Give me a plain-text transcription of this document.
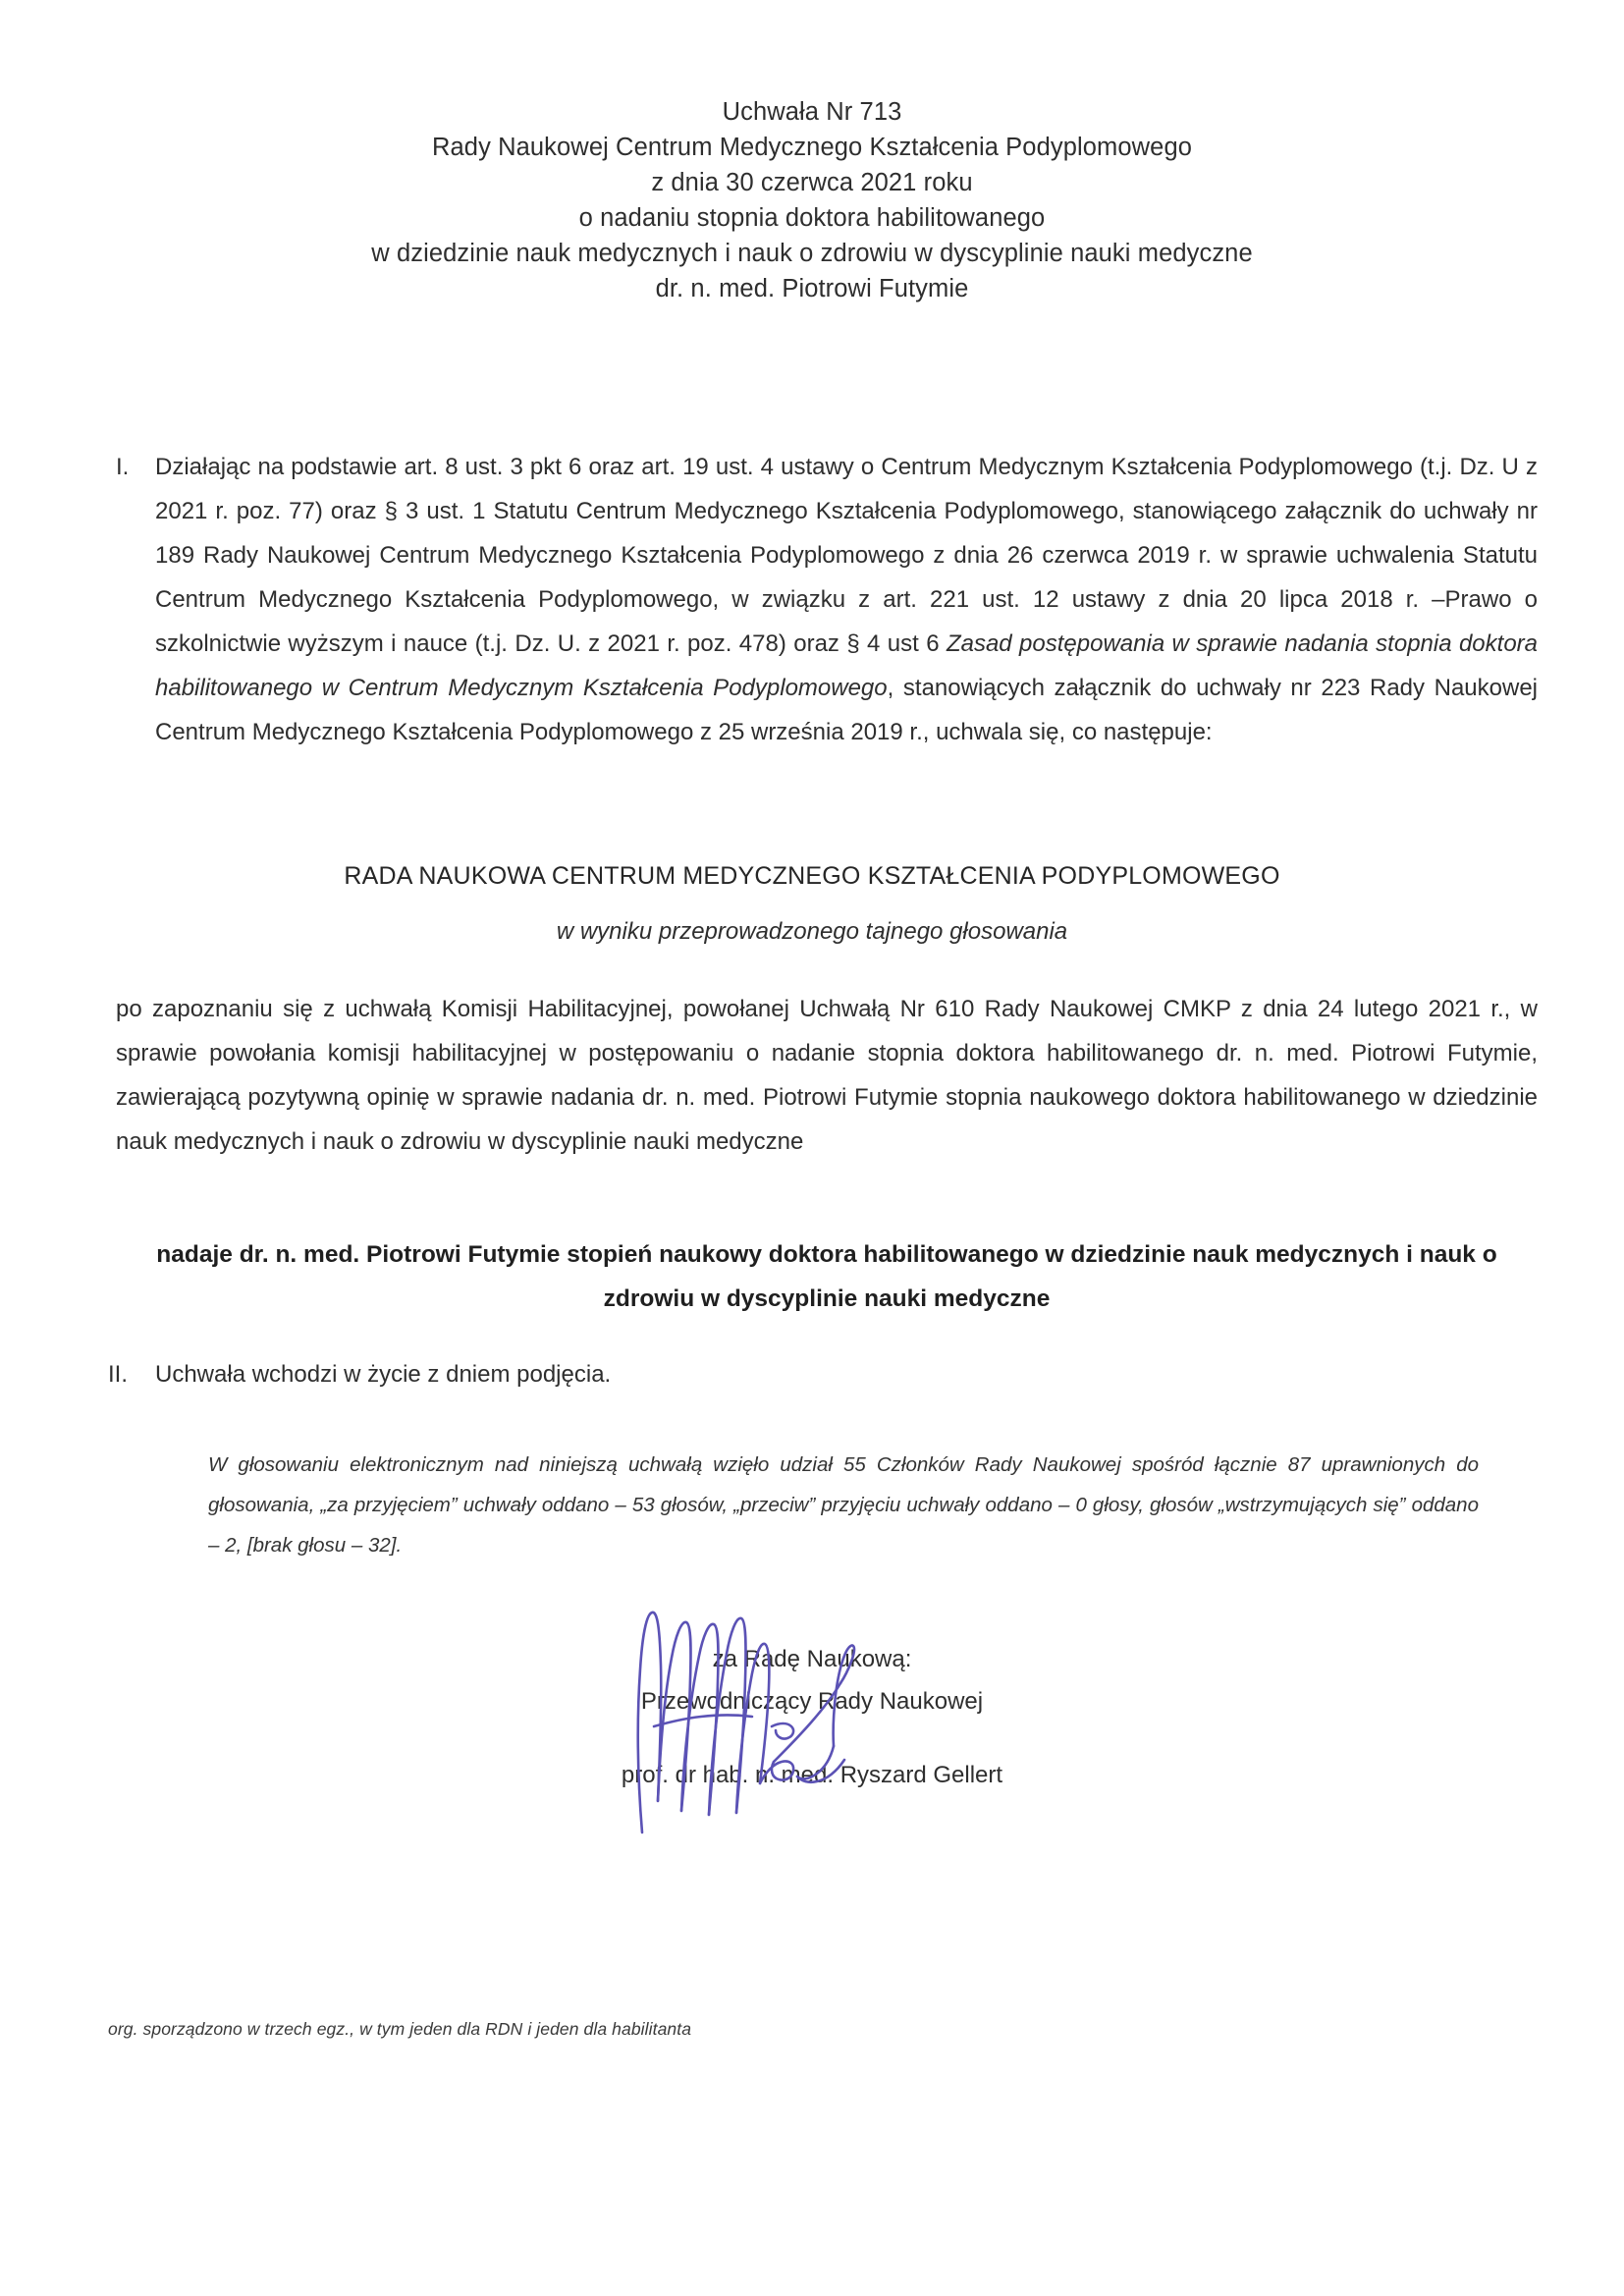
Uchwała Nr 713
Rady Naukowej Centrum Medycznego Kształcenia Podyplomowego
z dnia 30 czerwca 2021 roku
o nadaniu stopnia doktora habilitowanego
w dziedzinie nauk medycznych i nauk o zdrowiu w dyscyplinie nauki medyczne
dr. n. med. Piotrowi Futymie
I.	Działając na podstawie art. 8 ust. 3 pkt 6 oraz art. 19 ust. 4 ustawy o Centrum Medycznym Kształcenia Podyplomowego (t.j. Dz. U z 2021 r. poz. 77) oraz § 3 ust. 1 Statutu Centrum Medycznego Kształcenia Podyplomowego, stanowiącego załącznik do uchwały nr 189 Rady Naukowej Centrum Medycznego Kształcenia Podyplomowego z dnia 26 czerwca 2019 r. w sprawie uchwalenia Statutu Centrum Medycznego Kształcenia Podyplomowego, w związku z art. 221 ust. 12 ustawy z dnia 20 lipca 2018 r. –Prawo o szkolnictwie wyższym i nauce (t.j. Dz. U. z 2021 r. poz. 478) oraz § 4 ust 6 Zasad postępowania w sprawie nadania stopnia doktora habilitowanego w Centrum Medycznym Kształcenia Podyplomowego, stanowiących załącznik do uchwały nr 223 Rady Naukowej Centrum Medycznego Kształcenia Podyplomowego z 25 września 2019 r., uchwala się, co następuje:
RADA NAUKOWA CENTRUM MEDYCZNEGO KSZTAŁCENIA PODYPLOMOWEGO
w wyniku przeprowadzonego tajnego głosowania
po zapoznaniu się z uchwałą Komisji Habilitacyjnej, powołanej Uchwałą Nr 610 Rady Naukowej CMKP z dnia 24 lutego 2021 r., w sprawie powołania komisji habilitacyjnej w postępowaniu o nadanie stopnia doktora habilitowanego dr. n. med. Piotrowi Futymie, zawierającą pozytywną opinię w sprawie nadania dr. n. med. Piotrowi Futymie stopnia naukowego doktora habilitowanego w dziedzinie nauk medycznych i nauk o zdrowiu w dyscyplinie nauki medyczne
nadaje dr. n. med. Piotrowi Futymie stopień naukowy doktora habilitowanego w dziedzinie nauk medycznych i nauk o zdrowiu w dyscyplinie nauki medyczne
II.	Uchwała wchodzi w życie z dniem podjęcia.
W głosowaniu elektronicznym nad niniejszą uchwałą wzięło udział 55 Członków Rady Naukowej spośród łącznie 87 uprawnionych do głosowania, „za przyjęciem” uchwały oddano – 53 głosów, „przeciw” przyjęciu uchwały oddano – 0 głosy, głosów „wstrzymujących się” oddano – 2, [brak głosu – 32].
za Radę Naukową:
Przewodniczący Rady Naukowej
prof. dr hab. n. med. Ryszard Gellert
org. sporządzono w trzech egz., w tym jeden dla RDN i jeden dla habilitanta
